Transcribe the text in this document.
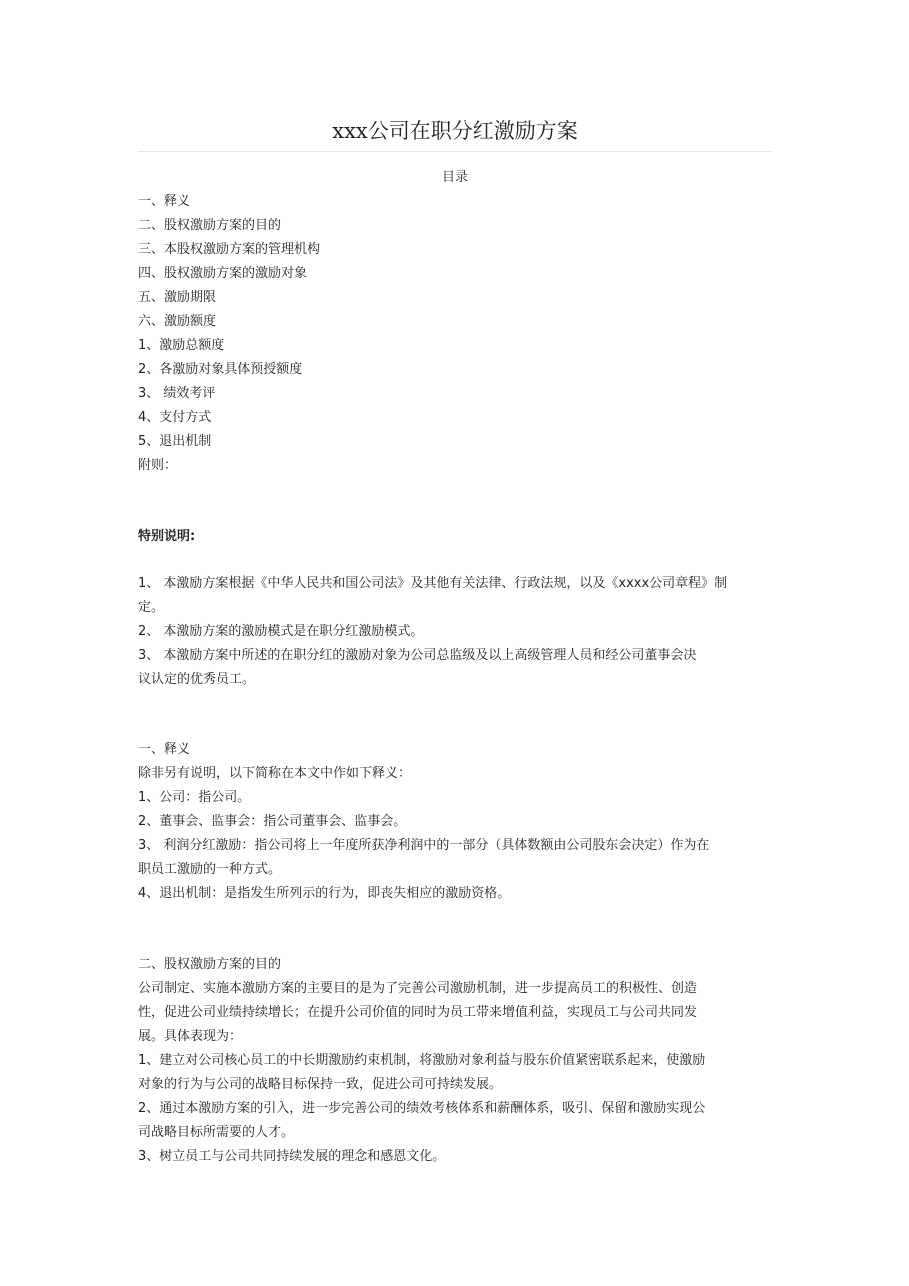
xxx公司在职分红激励方案
目录

一、释义

二、股权激励方案的目的

三、本股权激励方案的管理机构

四、股权激励方案的激励对象

五、激励期限

六、激励额度

1、激励总额度

2、各激励对象具体预授额度

3、 绩效考评

4、支付方式

5、退出机制

附则：

特别说明:

1、 本激励方案根据《中华人民共和国公司法》及其他有关法律、行政法规，以及《xxxx公司章程》制

定。

2、 本激励方案的激励模式是在职分红激励模式。

3、 本激励方案中所述的在职分红的激励对象为公司总监级及以上高级管理人员和经公司董事会决

议认定的优秀员工。

一、释义

除非另有说明，以下简称在本文中作如下释义：

1、公司：指公司。

2、董事会、监事会：指公司董事会、监事会。

3、 利润分红激励：指公司将上一年度所获净利润中的一部分（具体数额由公司股东会决定）作为在

职员工激励的一种方式。

4、退出机制：是指发生所列示的行为，即丧失相应的激励资格。

二、股权激励方案的目的

公司制定、实施本激励方案的主要目的是为了完善公司激励机制，进一步提高员工的积极性、创造

性，促进公司业绩持续增长；在提升公司价值的同时为员工带来增值利益，实现员工与公司共同发

展。具体表现为：

1、建立对公司核心员工的中长期激励约束机制，将激励对象利益与股东价值紧密联系起来，使激励

对象的行为与公司的战略目标保持一致，促进公司可持续发展。

2、通过本激励方案的引入，进一步完善公司的绩效考核体系和薪酬体系，吸引、保留和激励实现公

司战略目标所需要的人才。

3、树立员工与公司共同持续发展的理念和感恩文化。
